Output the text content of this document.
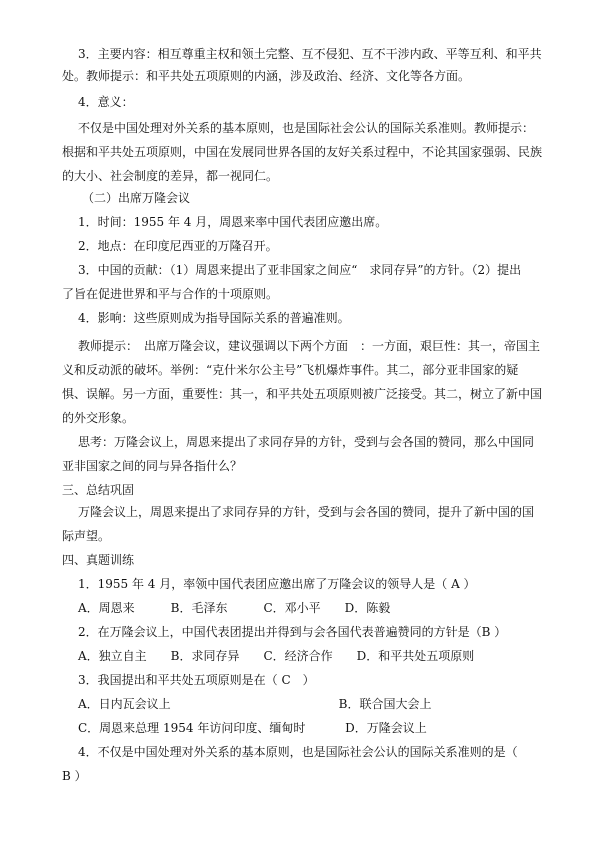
3．主要内容：相互尊重主权和领土完整、互不侵犯、互不干涉内政、平等互利、和平共
处。教师提示：和平共处五项原则的内涵，涉及政治、经济、文化等各方面。
4．意义：
不仅是中国处理对外关系的基本原则，也是国际社会公认的国际关系准则。教师提示：
根据和平共处五项原则，中国在发展同世界各国的友好关系过程中，不论其国家强弱、民族
的大小、社会制度的差异，都一视同仁。
（二）出席万隆会议
1．时间：1955 年 4 月，周恩来率中国代表团应邀出席。
2．地点：在印度尼西亚的万隆召开。
3．中国的贡献：（1）周恩来提出了亚非国家之间应“　求同存异”的方针。（2）提出
了旨在促进世界和平与合作的十项原则。
4．影响：这些原则成为指导国际关系的普遍准则。
教师提示：　出席万隆会议，建议强调以下两个方面　：一方面，艰巨性：其一，帝国主
义和反动派的破坏。举例：“克什米尔公主号”飞机爆炸事件。其二，部分亚非国家的疑
惧、误解。另一方面，重要性：其一，和平共处五项原则被广泛接受。其二，树立了新中国
的外交形象。
思考：万隆会议上，周恩来提出了求同存异的方针，受到与会各国的赞同，那么中国同
亚非国家之间的同与异各指什么？
三、总结巩固
万隆会议上，周恩来提出了求同存异的方针，受到与会各国的赞同，提升了新中国的国
际声望。
四、真题训练
1．1955 年 4 月，率领中国代表团应邀出席了万隆会议的领导人是（ A ）
A．周恩来　　　B．毛泽东　　　C．邓小平　　D．陈毅
2．在万隆会议上，中国代表团提出并得到与会各国代表普遍赞同的方针是（B ）
A．独立自主　　B．求同存异　　C．经济合作　　D．和平共处五项原则
3．我国提出和平共处五项原则是在（ C　）
A．日内瓦会议上　　　　　　　　　　　　　　B．联合国大会上
C．周恩来总理 1954 年访问印度、缅甸时　　　 D．万隆会议上
4．不仅是中国处理对外关系的基本原则，也是国际社会公认的国际关系准则的是（
B ）
